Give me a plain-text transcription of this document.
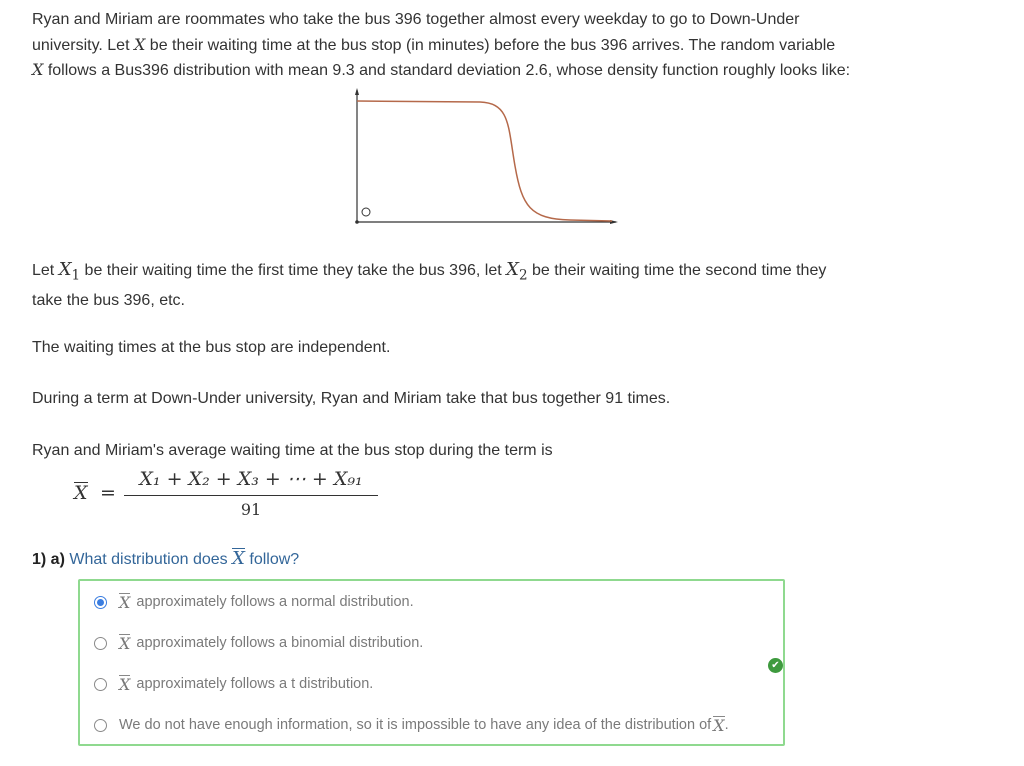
Ryan and Miriam are roommates who take the bus 396 together almost every weekday to go to Down-Under
university. Let X be their waiting time at the bus stop (in minutes) before the bus 396 arrives. The random variable
X follows a Bus396 distribution with mean 9.3 and standard deviation 2.6, whose density function roughly looks like:
Let $X_1$ be their waiting time the first time they take the bus 396, let $X_2$ be their waiting time the second time they
take the bus 396, etc.
The waiting times at the bus stop are independent.
During a term at Down-Under university, Ryan and Miriam take that bus together 91 times.
Ryan and Miriam's average waiting time at the bus stop during the term is
X =
X₁ + X₂ + X₃ + ⋯ + X₉₁
91
1) a) What distribution does X follow?
X approximately follows a normal distribution.
X approximately follows a binomial distribution.
X approximately follows a t distribution.
We do not have enough information, so it is impossible to have any idea of the distribution of X .
✔
